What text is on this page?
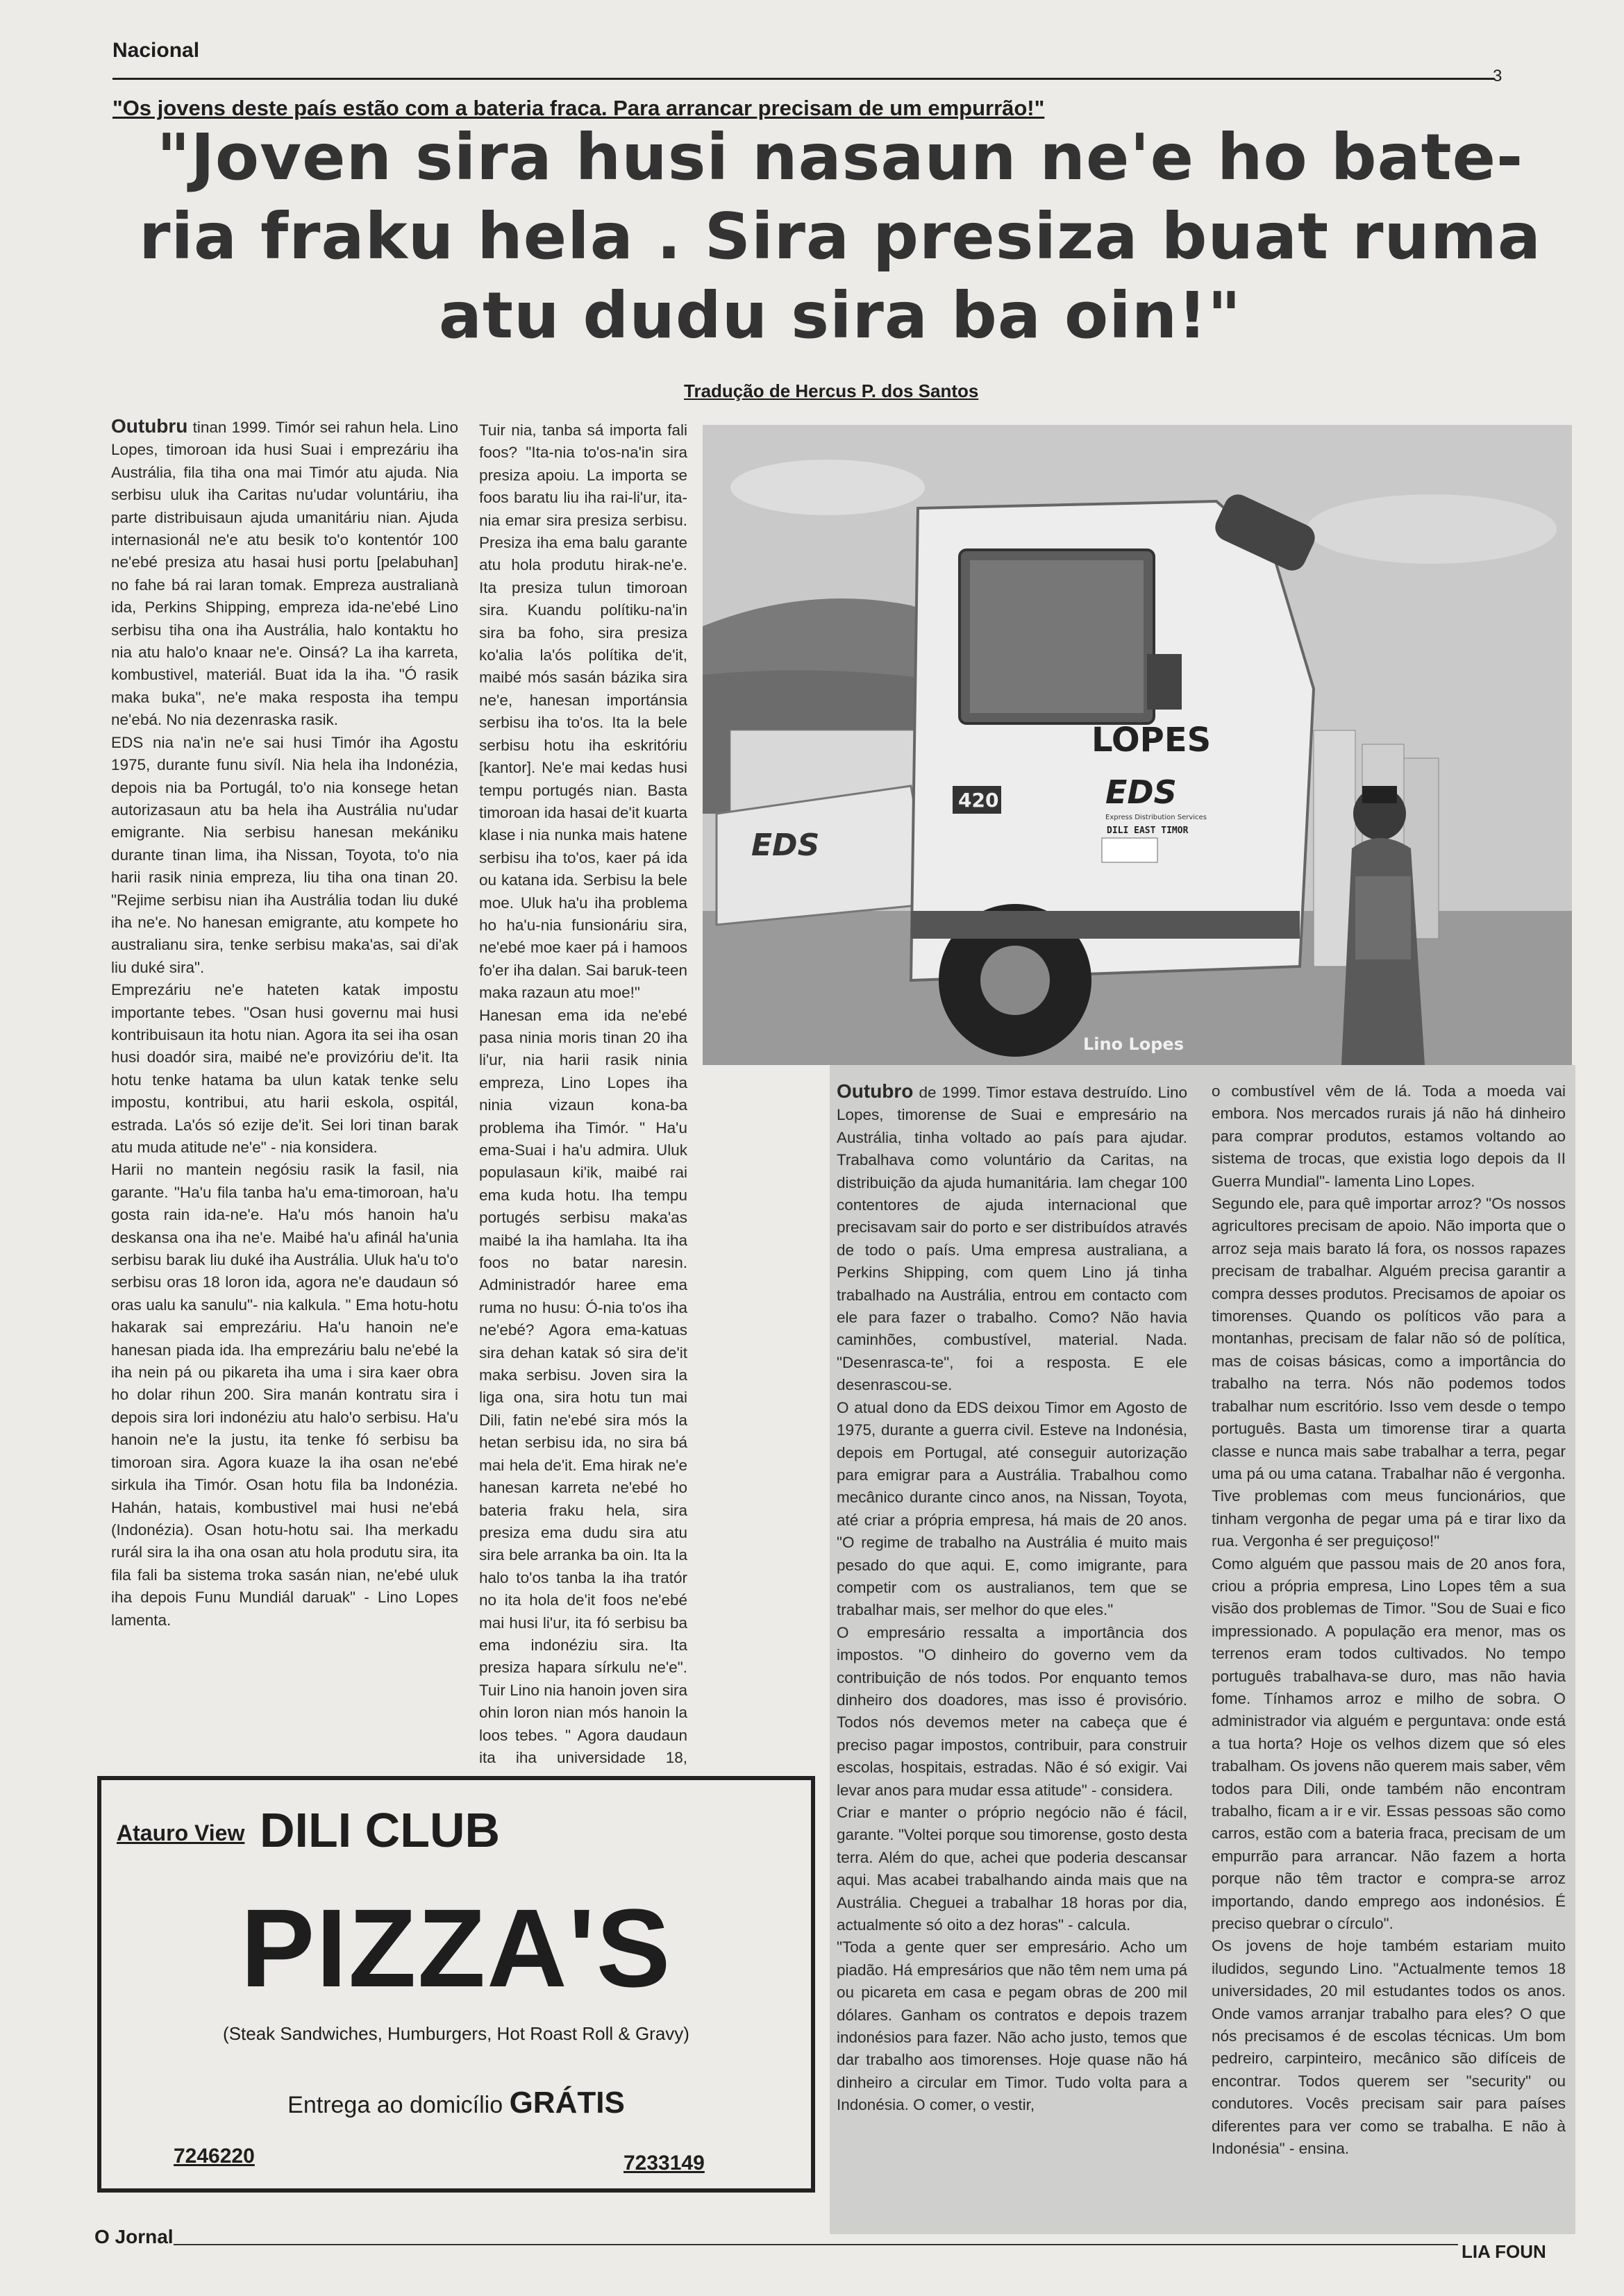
Nacional
3
"Os jovens deste país estão com a bateria fraca. Para arrancar precisam de um empurrão!"
"Joven sira husi nasaun ne'e ho bate-
ria fraku hela . Sira presiza buat ruma
atu dudu sira ba oin!"
Tradução de Hercus P. dos Santos

Outubru tinan 1999. Timór sei rahun hela. Lino Lopes, timoroan ida husi Suai i emprezáriu iha Austrália, fila tiha ona mai Timór atu ajuda. Nia serbisu uluk iha Caritas nu'udar voluntáriu, iha parte distribuisaun ajuda umanitáriu nian. Ajuda internasionál ne'e atu besik to'o kontentór 100 ne'ebé presiza atu hasai husi portu [pelabuhan] no fahe bá rai laran tomak. Empreza australianà ida, Perkins Shipping, empreza ida-ne'ebé Lino serbisu tiha ona iha Austrália, halo kontaktu ho nia atu halo'o knaar ne'e. Oinsá? La iha karreta, kombustivel, materiál. Buat ida la iha. "Ó rasik maka buka", ne'e maka resposta iha tempu ne'ebá. No nia dezenraska rasik.

EDS nia na'in ne'e sai husi Timór iha Agostu 1975, durante funu sivíl. Nia hela iha Indonézia, depois nia ba Portugál, to'o nia konsege hetan autorizasaun atu ba hela iha Austrália nu'udar emigrante. Nia serbisu hanesan mekániku durante tinan lima, iha Nissan, Toyota, to'o nia harii rasik ninia empreza, liu tiha ona tinan 20. "Rejime serbisu nian iha Austrália todan liu duké iha ne'e. No hanesan emigrante, atu kompete ho australianu sira, tenke serbisu maka'as, sai di'ak liu duké sira".

Emprezáriu ne'e hateten katak impostu importante tebes. "Osan husi governu mai husi kontribuisaun ita hotu nian. Agora ita sei iha osan husi doadór sira, maibé ne'e provizóriu de'it. Ita hotu tenke hatama ba ulun katak tenke selu impostu, kontribui, atu harii eskola, ospitál, estrada. La'ós só ezije de'it. Sei lori tinan barak atu muda atitude ne'e" - nia konsidera.

Harii no mantein negósiu rasik la fasil, nia garante. "Ha'u fila tanba ha'u ema-timoroan, ha'u gosta rain ida-ne'e. Ha'u mós hanoin ha'u deskansa ona iha ne'e. Maibé ha'u afinál ha'unia serbisu barak liu duké iha Austrália. Uluk ha'u to'o serbisu oras 18 loron ida, agora ne'e daudaun só oras ualu ka sanulu"- nia kalkula. " Ema hotu-hotu hakarak sai emprezáriu. Ha'u hanoin ne'e hanesan piada ida. Iha emprezáriu balu ne'ebé la iha nein pá ou pikareta iha uma i sira kaer obra ho dolar rihun 200. Sira manán kontratu sira i depois sira lori indonéziu atu halo'o serbisu. Ha'u hanoin ne'e la justu, ita tenke fó serbisu ba timoroan sira. Agora kuaze la iha osan ne'ebé sirkula iha Timór. Osan hotu fila ba Indonézia. Hahán, hatais, kombustivel mai husi ne'ebá (Indonézia). Osan hotu-hotu sai. Iha merkadu rurál sira la iha ona osan atu hola produtu sira, ita fila fali ba sistema troka sasán nian, ne'ebé uluk iha depois Funu Mundiál daruak" - Lino Lopes lamenta.

Tuir nia, tanba sá importa fali foos? "Ita-nia to'os-na'in sira presiza apoiu. La importa se foos baratu liu iha rai-li'ur, ita-nia emar sira presiza serbisu. Presiza iha ema balu garante atu hola produtu hirak-ne'e. Ita presiza tulun timoroan sira. Kuandu polítiku-na'in sira ba foho, sira presiza ko'alia la'ós polítika de'it, maibé mós sasán bázika sira ne'e, hanesan importánsia serbisu iha to'os. Ita la bele serbisu hotu iha eskritóriu [kantor]. Ne'e mai kedas husi tempu portugés nian. Basta timoroan ida hasai de'it kuarta klase i nia nunka mais hatene serbisu iha to'os, kaer pá ida ou katana ida. Serbisu la bele moe. Uluk ha'u iha problema ho ha'u-nia funsionáriu sira, ne'ebé moe kaer pá i hamoos fo'er iha dalan. Sai baruk-teen maka razaun atu moe!"

Hanesan ema ida ne'ebé pasa ninia moris tinan 20 iha li'ur, nia harii rasik ninia empreza, Lino Lopes iha ninia vizaun kona-ba problema iha Timór. " Ha'u ema-Suai i ha'u admira. Uluk populasaun ki'ik, maibé rai ema kuda hotu. Iha tempu portugés serbisu maka'as maibé la iha hamlaha. Ita iha foos no batar naresin. Administradór haree ema ruma no husu: Ó-nia to'os iha ne'ebé? Agora ema-katuas sira dehan katak só sira de'it maka serbisu. Joven sira la liga ona, sira hotu tun mai Dili, fatin ne'ebé sira mós la hetan serbisu ida, no sira bá mai hela de'it. Ema hirak ne'e hanesan karreta ne'ebé ho bateria fraku hela, sira presiza ema dudu sira atu sira bele arranka ba oin. Ita la halo to'os tanba la iha tratór no ita hola de'it foos ne'ebé mai husi li'ur, ita fó serbisu ba ema indonéziu sira. Ita presiza hapara sírkulu ne'e". Tuir Lino nia hanoin joven sira ohin loron nian mós hanoin la loos tebes. " Agora daudaun ita iha universidade 18,

LOPES
EDS
Express Distribution Services
DILI EAST TIMOR
420
EDS
Lino Lopes

Outubro de 1999. Timor estava destruído. Lino Lopes, timorense de Suai e empresário na Austrália, tinha voltado ao país para ajudar. Trabalhava como voluntário da Caritas, na distribuição da ajuda humanitária. Iam chegar 100 contentores de ajuda internacional que precisavam sair do porto e ser distribuídos através de todo o país. Uma empresa australiana, a Perkins Shipping, com quem Lino já tinha trabalhado na Austrália, entrou em contacto com ele para fazer o trabalho. Como? Não havia caminhões, combustível, material. Nada. "Desenrasca-te", foi a resposta. E ele desenrascou-se.

O atual dono da EDS deixou Timor em Agosto de 1975, durante a guerra civil. Esteve na Indonésia, depois em Portugal, até conseguir autorização para emigrar para a Austrália. Trabalhou como mecânico durante cinco anos, na Nissan, Toyota, até criar a própria empresa, há mais de 20 anos. "O regime de trabalho na Austrália é muito mais pesado do que aqui. E, como imigrante, para competir com os australianos, tem que se trabalhar mais, ser melhor do que eles."

O empresário ressalta a importância dos impostos. "O dinheiro do governo vem da contribuição de nós todos. Por enquanto temos dinheiro dos doadores, mas isso é provisório. Todos nós devemos meter na cabeça que é preciso pagar impostos, contribuir, para construir escolas, hospitais, estradas. Não é só exigir. Vai levar anos para mudar essa atitude" - considera.

Criar e manter o próprio negócio não é fácil, garante. "Voltei porque sou timorense, gosto desta terra. Além do que, achei que poderia descansar aqui. Mas acabei trabalhando ainda mais que na Austrália. Cheguei a trabalhar 18 horas por dia, actualmente só oito a dez horas" - calcula.

"Toda a gente quer ser empresário. Acho um piadão. Há empresários que não têm nem uma pá ou picareta em casa e pegam obras de 200 mil dólares. Ganham os contratos e depois trazem indonésios para fazer. Não acho justo, temos que dar trabalho aos timorenses. Hoje quase não há dinheiro a circular em Timor. Tudo volta para a Indonésia. O comer, o vestir,

o combustível vêm de lá. Toda a moeda vai embora. Nos mercados rurais já não há dinheiro para comprar produtos, estamos voltando ao sistema de trocas, que existia logo depois da II Guerra Mundial"- lamenta Lino Lopes.

Segundo ele, para quê importar arroz? "Os nossos agricultores precisam de apoio. Não importa que o arroz seja mais barato lá fora, os nossos rapazes precisam de trabalhar. Alguém precisa garantir a compra desses produtos. Precisamos de apoiar os timorenses. Quando os políticos vão para a montanhas, precisam de falar não só de política, mas de coisas básicas, como a importância do trabalho na terra. Nós não podemos todos trabalhar num escritório. Isso vem desde o tempo português. Basta um timorense tirar a quarta classe e nunca mais sabe trabalhar a terra, pegar uma pá ou uma catana. Trabalhar não é vergonha. Tive problemas com meus funcionários, que tinham vergonha de pegar uma pá e tirar lixo da rua. Vergonha é ser preguiçoso!"

Como alguém que passou mais de 20 anos fora, criou a própria empresa, Lino Lopes têm a sua visão dos problemas de Timor. "Sou de Suai e fico impressionado. A população era menor, mas os terrenos eram todos cultivados. No tempo português trabalhava-se duro, mas não havia fome. Tínhamos arroz e milho de sobra. O administrador via alguém e perguntava: onde está a tua horta? Hoje os velhos dizem que só eles trabalham. Os jovens não querem mais saber, vêm todos para Dili, onde também não encontram trabalho, ficam a ir e vir. Essas pessoas são como carros, estão com a bateria fraca, precisam de um empurrão para arrancar. Não fazem a horta porque não têm tractor e compra-se arroz importando, dando emprego aos indonésios. É preciso quebrar o círculo".

Os jovens de hoje também estariam muito iludidos, segundo Lino. "Actualmente temos 18 universidades, 20 mil estudantes todos os anos. Onde vamos arranjar trabalho para eles? O que nós precisamos é de escolas técnicas. Um bom pedreiro, carpinteiro, mecânico são difíceis de encontrar. Todos querem ser "security" ou condutores. Vocês precisam sair para países diferentes para ver como se trabalha. E não à Indonésia" - ensina.

Atauro View DILI CLUB
PIZZA'S
(Steak Sandwiches, Humburgers, Hot Roast Roll & Gravy)
Entrega ao domicílio GRÁTIS
7246220	7233149
O Jornal
LIA FOUN
